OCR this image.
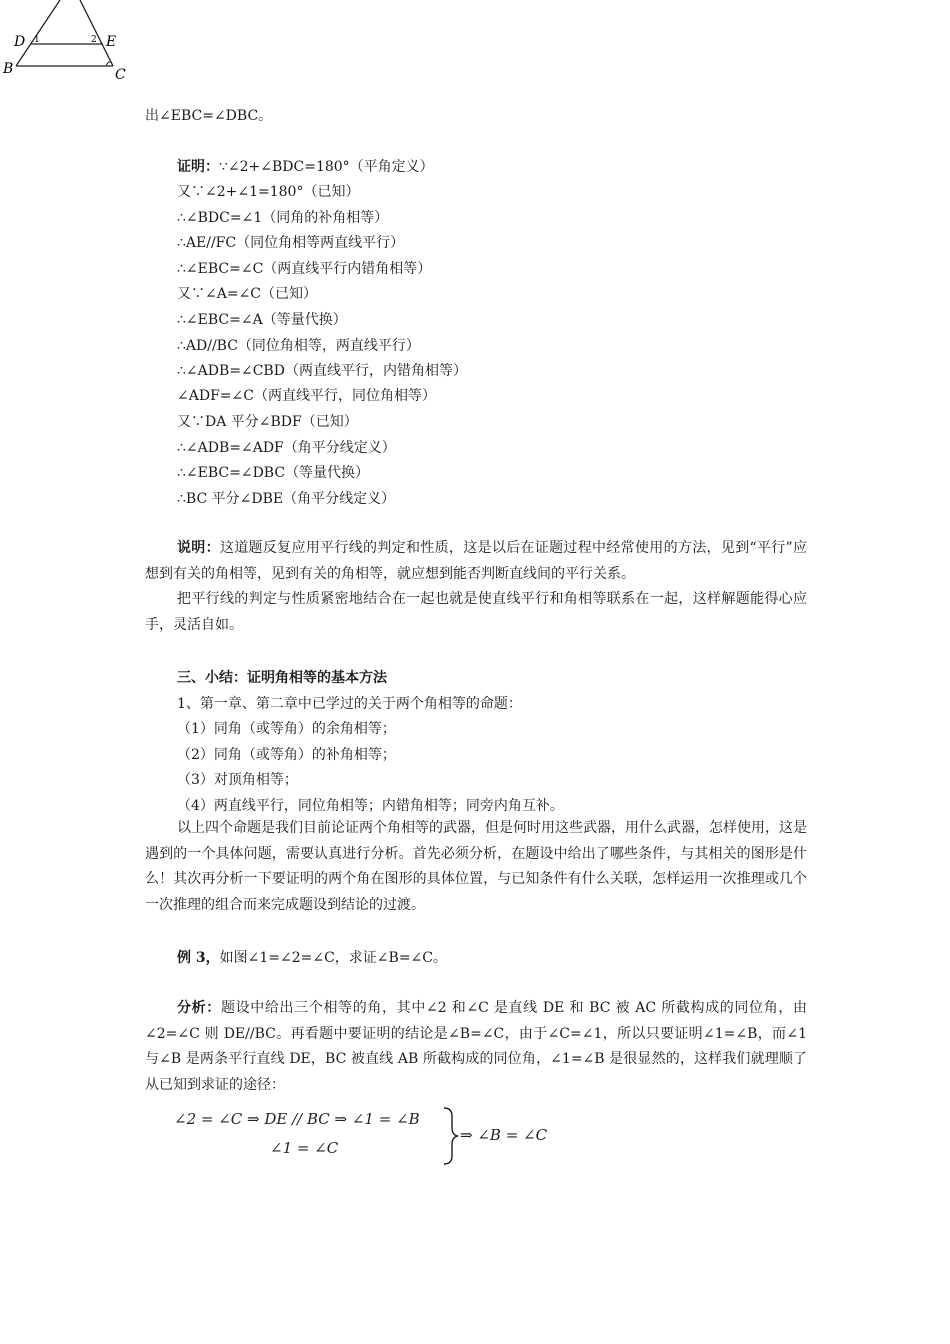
D 1	2 E
B	C
出∠EBC=∠DBC。
证明：∵∠2+∠BDC=180°（平角定义）
又∵∠2+∠1=180°（已知）
∴∠BDC=∠1（同角的补角相等）
∴AE//FC（同位角相等两直线平行）
∴∠EBC=∠C（两直线平行内错角相等）
又∵∠A=∠C（已知）
∴∠EBC=∠A（等量代换）
∴AD//BC（同位角相等，两直线平行）
∴∠ADB=∠CBD（两直线平行，内错角相等）
∠ADF=∠C（两直线平行，同位角相等）
又∵DA 平分∠BDF（已知）
∴∠ADB=∠ADF（角平分线定义）
∴∠EBC=∠DBC（等量代换）
∴BC 平分∠DBE（角平分线定义）
说明：这道题反复应用平行线的判定和性质，这是以后在证题过程中经常使用的方法，见到“平行”应想到有关的角相等，见到有关的角相等，就应想到能否判断直线间的平行关系。
把平行线的判定与性质紧密地结合在一起也就是使直线平行和角相等联系在一起，这样解题能得心应手，灵活自如。
三、小结：证明角相等的基本方法
1、第一章、第二章中已学过的关于两个角相等的命题：
（1）同角（或等角）的余角相等；
（2）同角（或等角）的补角相等；
（3）对顶角相等；
（4）两直线平行，同位角相等；内错角相等；同旁内角互补。
以上四个命题是我们目前论证两个角相等的武器，但是何时用这些武器，用什么武器，怎样使用，这是遇到的一个具体问题，需要认真进行分析。首先必须分析，在题设中给出了哪些条件，与其相关的图形是什么！其次再分析一下要证明的两个角在图形的具体位置，与已知条件有什么关联，怎样运用一次推理或几个一次推理的组合而来完成题设到结论的过渡。
例 3，如图∠1=∠2=∠C，求证∠B=∠C。
分析：题设中给出三个相等的角，其中∠2 和∠C 是直线 DE 和 BC 被 AC 所截构成的同位角，由∠2=∠C 则 DE//BC。再看题中要证明的结论是∠B=∠C，由于∠C=∠1，所以只要证明∠1=∠B，而∠1 与∠B 是两条平行直线 DE，BC 被直线 AB 所截构成的同位角，∠1=∠B 是很显然的，这样我们就理顺了从已知到求证的途径：
∠2 = ∠C ⇒ DE // BC ⇒ ∠1 = ∠B
∠1 = ∠C
⇒ ∠B = ∠C
